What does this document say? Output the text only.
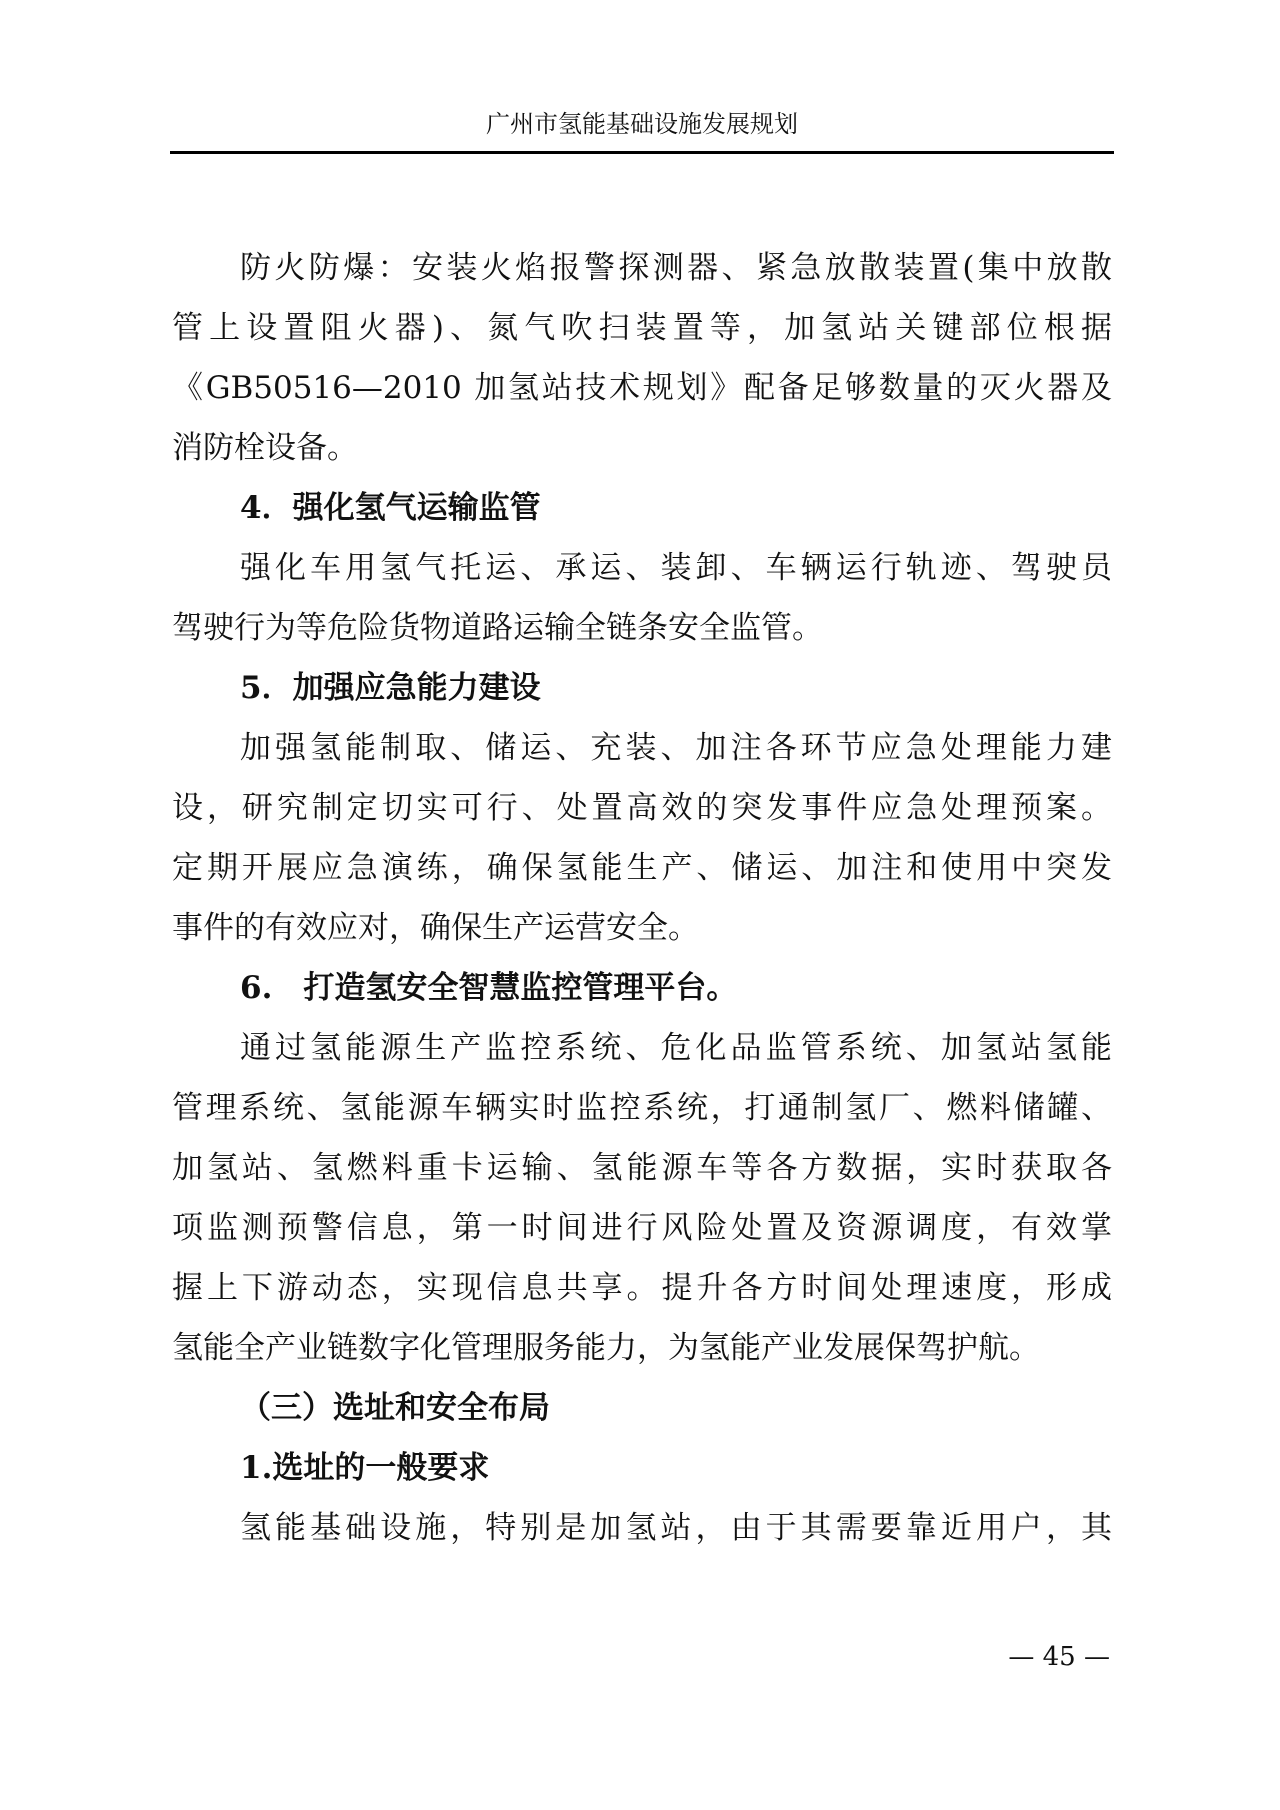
广州市氢能基础设施发展规划
防火防爆：安装火焰报警探测器、紧急放散装置(集中放散
管上设置阻火器)、氮气吹扫装置等，加氢站关键部位根据
《GB50516—2010 加氢站技术规划》配备足够数量的灭火器及
消防栓设备。
4．强化氢气运输监管
强化车用氢气托运、承运、装卸、车辆运行轨迹、驾驶员
驾驶行为等危险货物道路运输全链条安全监管。
5．加强应急能力建设
加强氢能制取、储运、充装、加注各环节应急处理能力建
设，研究制定切实可行、处置高效的突发事件应急处理预案。
定期开展应急演练，确保氢能生产、储运、加注和使用中突发
事件的有效应对，确保生产运营安全。
6.　打造氢安全智慧监控管理平台。
通过氢能源生产监控系统、危化品监管系统、加氢站氢能
管理系统、氢能源车辆实时监控系统，打通制氢厂、燃料储罐、
加氢站、氢燃料重卡运输、氢能源车等各方数据，实时获取各
项监测预警信息，第一时间进行风险处置及资源调度，有效掌
握上下游动态，实现信息共享。提升各方时间处理速度，形成
氢能全产业链数字化管理服务能力，为氢能产业发展保驾护航。
（三）选址和安全布局
1.选址的一般要求
氢能基础设施，特别是加氢站，由于其需要靠近用户，其
— 45 —
